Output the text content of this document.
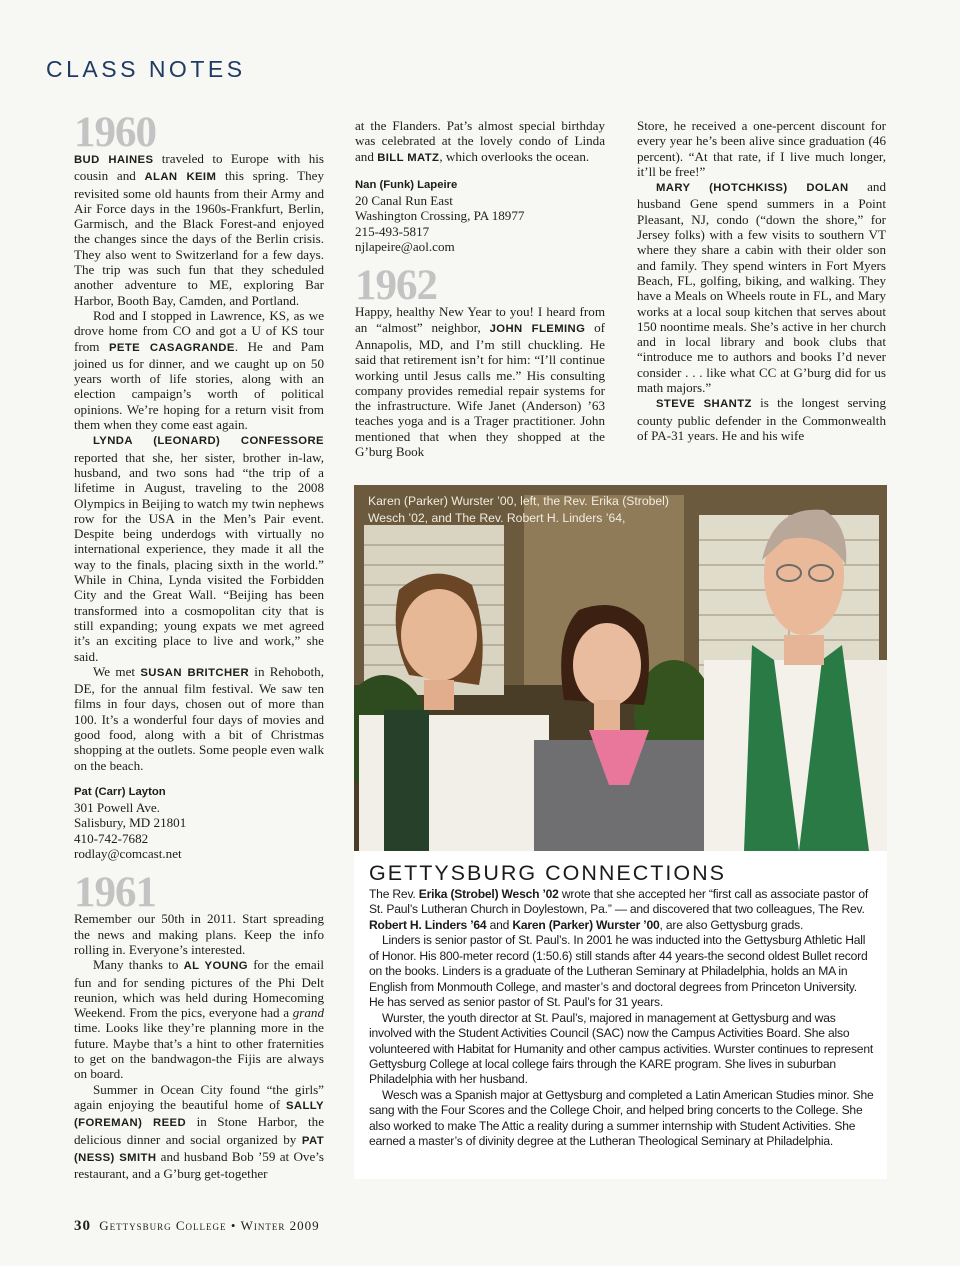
CLASS NOTES
1960

BUD HAINES traveled to Europe with his cousin and ALAN KEIM this spring. They revisited some old haunts from their Army and Air Force days in the 1960s-Frankfurt, Berlin, Garmisch, and the Black Forest-and enjoyed the changes since the days of the Berlin crisis. They also went to Switzerland for a few days. The trip was such fun that they scheduled another adventure to ME, exploring Bar Harbor, Booth Bay, Camden, and Portland.

Rod and I stopped in Lawrence, KS, as we drove home from CO and got a U of KS tour from PETE CASAGRANDE. He and Pam joined us for dinner, and we caught up on 50 years worth of life stories, along with an election campaign’s worth of political opinions. We’re hoping for a return visit from them when they come east again.

LYNDA (LEONARD) CONFESSORE reported that she, her sister, brother in-law, husband, and two sons had “the trip of a lifetime in August, traveling to the 2008 Olympics in Beijing to watch my twin nephews row for the USA in the Men’s Pair event. Despite being underdogs with virtually no international experience, they made it all the way to the finals, placing sixth in the world.” While in China, Lynda visited the Forbidden City and the Great Wall. “Beijing has been transformed into a cosmopolitan city that is still expanding; young expats we met agreed it’s an exciting place to live and work,” she said.

We met SUSAN BRITCHER in Rehoboth, DE, for the annual film festival. We saw ten films in four days, chosen out of more than 100. It’s a wonderful four days of movies and good food, along with a bit of Christmas shopping at the outlets. Some people even walk on the beach.

Pat (Carr) Layton
301 Powell Ave.
Salisbury, MD 21801
410-742-7682
rodlay@comcast.net
1961

Remember our 50th in 2011. Start spreading the news and making plans. Keep the info rolling in. Everyone’s interested.

Many thanks to AL YOUNG for the email fun and for sending pictures of the Phi Delt reunion, which was held during Homecoming Weekend. From the pics, everyone had a grand time. Looks like they’re planning more in the future. Maybe that’s a hint to other fraternities to get on the bandwagon-the Fijis are always on board.

Summer in Ocean City found “the girls” again enjoying the beautiful home of SALLY (FOREMAN) REED in Stone Harbor, the delicious dinner and social organized by PAT (NESS) SMITH and husband Bob ’59 at Ove’s restaurant, and a G’burg get-together

at the Flanders. Pat’s almost special birthday was celebrated at the lovely condo of Linda and BILL MATZ, which overlooks the ocean.

Nan (Funk) Lapeire
20 Canal Run East
Washington Crossing, PA 18977
215-493-5817
njlapeire@aol.com
1962

Happy, healthy New Year to you! I heard from an “almost” neighbor, JOHN FLEMING of Annapolis, MD, and I’m still chuckling. He said that retirement isn’t for him: “I’ll continue working until Jesus calls me.” His consulting company provides remedial repair systems for the infrastructure. Wife Janet (Anderson) ’63 teaches yoga and is a Trager practitioner. John mentioned that when they shopped at the G’burg Book

Store, he received a one-percent discount for every year he’s been alive since graduation (46 percent). “At that rate, if I live much longer, it’ll be free!”

MARY (HOTCHKISS) DOLAN and husband Gene spend summers in a Point Pleasant, NJ, condo (“down the shore,” for Jersey folks) with a few visits to southern VT where they share a cabin with their older son and family. They spend winters in Fort Myers Beach, FL, golfing, biking, and walking. They have a Meals on Wheels route in FL, and Mary works at a local soup kitchen that serves about 150 noontime meals. She’s active in her church and in local library and book clubs that “introduce me to authors and books I’d never consider . . . like what CC at G’burg did for us math majors.”

STEVE SHANTZ is the longest serving county public defender in the Commonwealth of PA-31 years. He and his wife

Karen (Parker) Wurster ’00, left, the Rev. Erika (Strobel)
Wesch ’02, and The Rev. Robert H. Linders ’64,
GETTYSBURG CONNECTIONS

The Rev. Erika (Strobel) Wesch ’02 wrote that she accepted her “first call as associate pastor of St. Paul’s Lutheran Church in Doylestown, Pa.” — and discovered that two colleagues, The Rev. Robert H. Linders ’64 and Karen (Parker) Wurster ’00, are also Gettysburg grads.

Linders is senior pastor of St. Paul’s. In 2001 he was inducted into the Gettysburg Athletic Hall of Honor. His 800-meter record (1:50.6) still stands after 44 years-the second oldest Bullet record on the books. Linders is a graduate of the Lutheran Seminary at Philadelphia, holds an MA in English from Monmouth College, and master’s and doctoral degrees from Princeton University. He has served as senior pastor of St. Paul’s for 31 years.

Wurster, the youth director at St. Paul’s, majored in management at Gettysburg and was involved with the Student Activities Council (SAC) now the Campus Activities Board. She also volunteered with Habitat for Humanity and other campus activities. Wurster continues to represent Gettysburg College at local college fairs through the KARE program. She lives in suburban Philadelphia with her husband.

Wesch was a Spanish major at Gettysburg and completed a Latin American Studies minor. She sang with the Four Scores and the College Choir, and helped bring concerts to the College. She also worked to make The Attic a reality during a summer internship with Student Activities. She earned a master’s of divinity degree at the Lutheran Theological Seminary at Philadelphia.

30 Gettysburg College • Winter 2009
